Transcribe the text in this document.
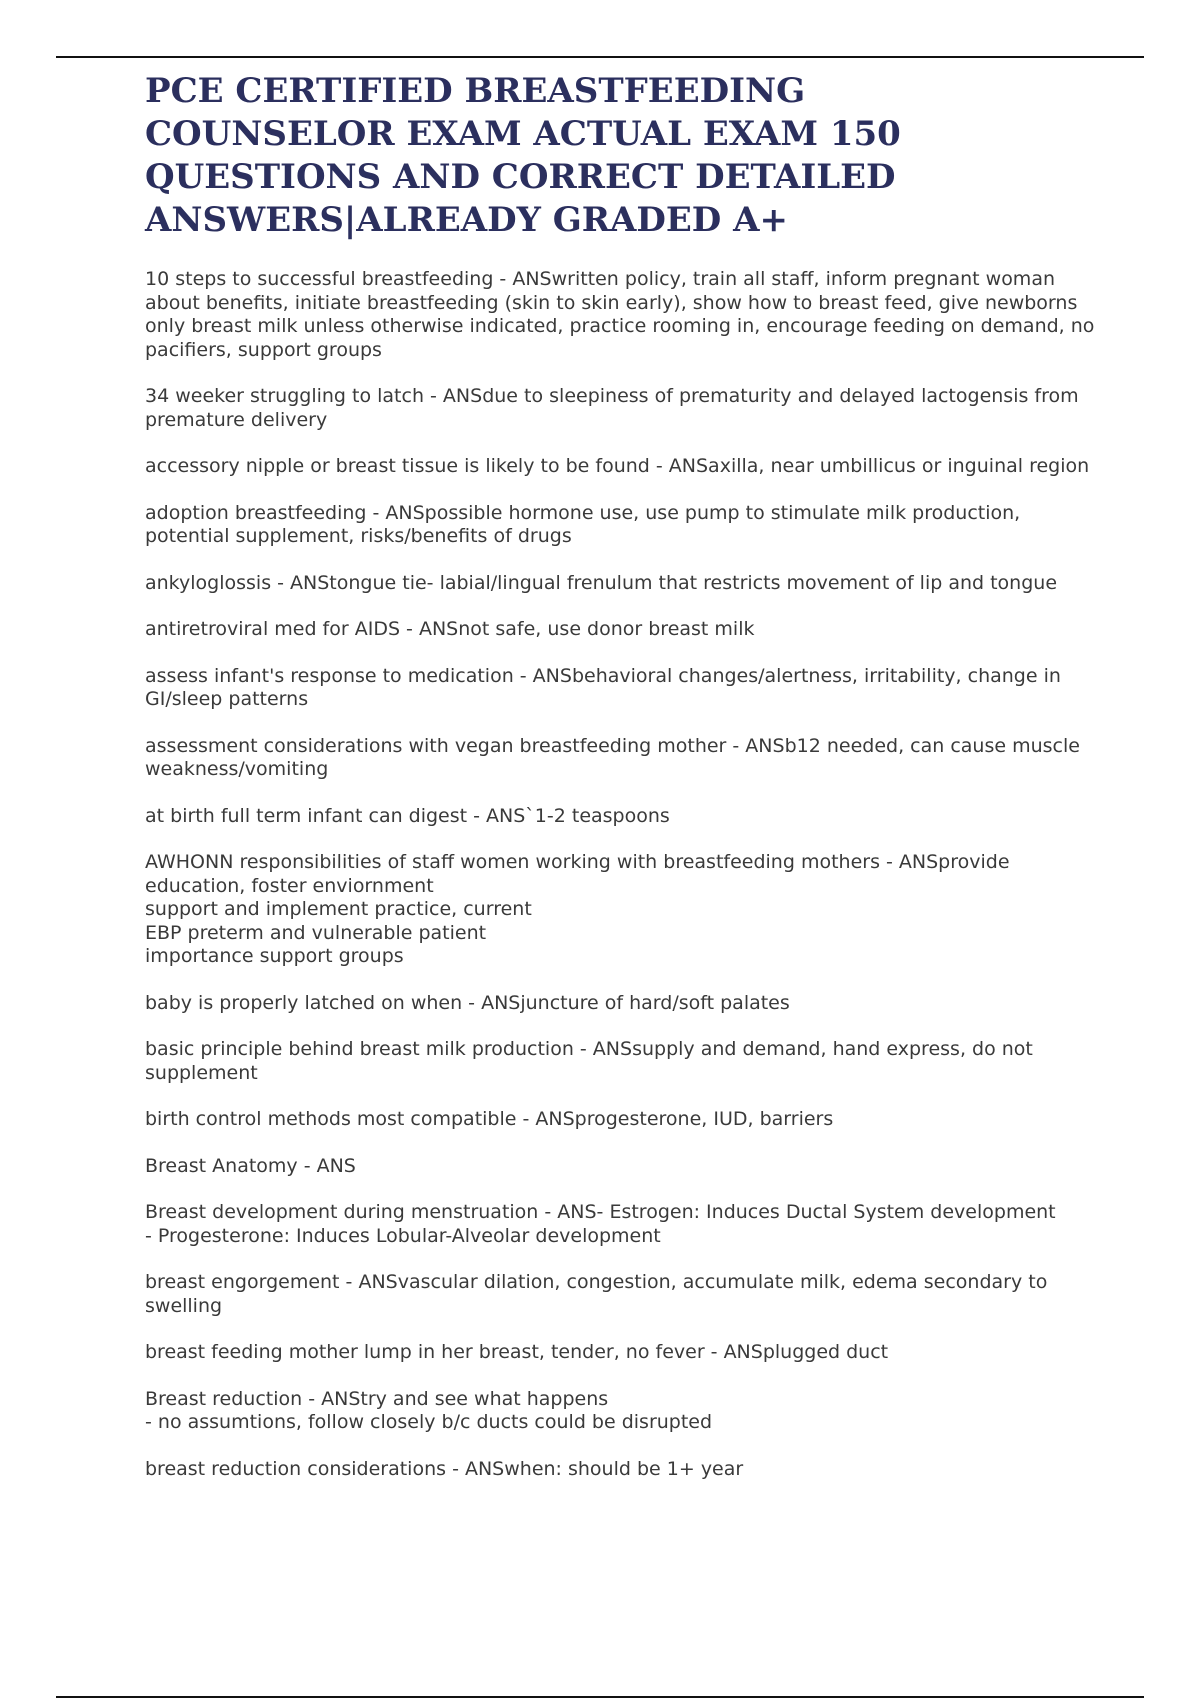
PCE CERTIFIED BREASTFEEDING COUNSELOR EXAM ACTUAL EXAM 150 QUESTIONS AND CORRECT DETAILED ANSWERS|ALREADY GRADED A+

10 steps to successful breastfeeding - ANSwritten policy, train all staff, inform pregnant woman about benefits, initiate breastfeeding (skin to skin early), show how to breast feed, give newborns only breast milk unless otherwise indicated, practice rooming in, encourage feeding on demand, no pacifiers, support groups

34 weeker struggling to latch - ANSdue to sleepiness of prematurity and delayed lactogensis from premature delivery

accessory nipple or breast tissue is likely to be found - ANSaxilla, near umbillicus or inguinal region

adoption breastfeeding - ANSpossible hormone use, use pump to stimulate milk production, potential supplement, risks/benefits of drugs

ankyloglossis - ANStongue tie- labial/lingual frenulum that restricts movement of lip and tongue

antiretroviral med for AIDS - ANSnot safe, use donor breast milk

assess infant's response to medication - ANSbehavioral changes/alertness, irritability, change in GI/sleep patterns

assessment considerations with vegan breastfeeding mother - ANSb12 needed, can cause muscle weakness/vomiting

at birth full term infant can digest - ANS`1-2 teaspoons

AWHONN responsibilities of staff women working with breastfeeding mothers - ANSprovide education, foster enviornment
support and implement practice, current
EBP preterm and vulnerable patient
importance support groups

baby is properly latched on when - ANSjuncture of hard/soft palates

basic principle behind breast milk production - ANSsupply and demand, hand express, do not supplement

birth control methods most compatible - ANSprogesterone, IUD, barriers

Breast Anatomy - ANS

Breast development during menstruation - ANS- Estrogen: Induces Ductal System development
- Progesterone: Induces Lobular-Alveolar development

breast engorgement - ANSvascular dilation, congestion, accumulate milk, edema secondary to swelling

breast feeding mother lump in her breast, tender, no fever - ANSplugged duct

Breast reduction - ANStry and see what happens
- no assumtions, follow closely b/c ducts could be disrupted

breast reduction considerations - ANSwhen: should be 1+ year
